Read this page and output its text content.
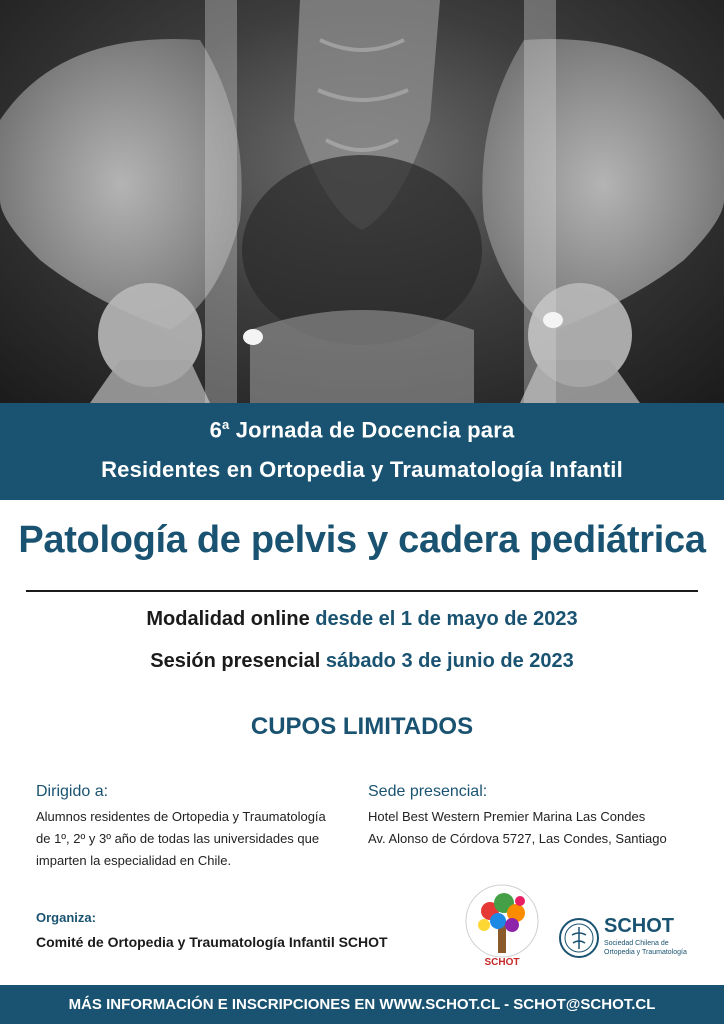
6$^a$ Jornada de Docencia para
Residentes en Ortopedia y Traumatología Infantil
Patología de pelvis y cadera pediátrica
Modalidad online desde el 1 de mayo de 2023
Sesión presencial sábado 3 de junio de 2023
CUPOS LIMITADOS
Dirigido a:
Alumnos residentes de Ortopedia y Traumatología
de 1º, 2º y 3º año de todas las universidades que
imparten la especialidad en Chile.
Sede presencial:
Hotel Best Western Premier Marina Las Condes
Av. Alonso de Córdova 5727, Las Condes, Santiago
Organiza:
Comité de Ortopedia y Traumatología Infantil SCHOT
SCHOT
SCHOT
Sociedad Chilena de
Ortopedia y Traumatología
MÁS INFORMACIÓN E INSCRIPCIONES EN WWW.SCHOT.CL - SCHOT@SCHOT.CL
